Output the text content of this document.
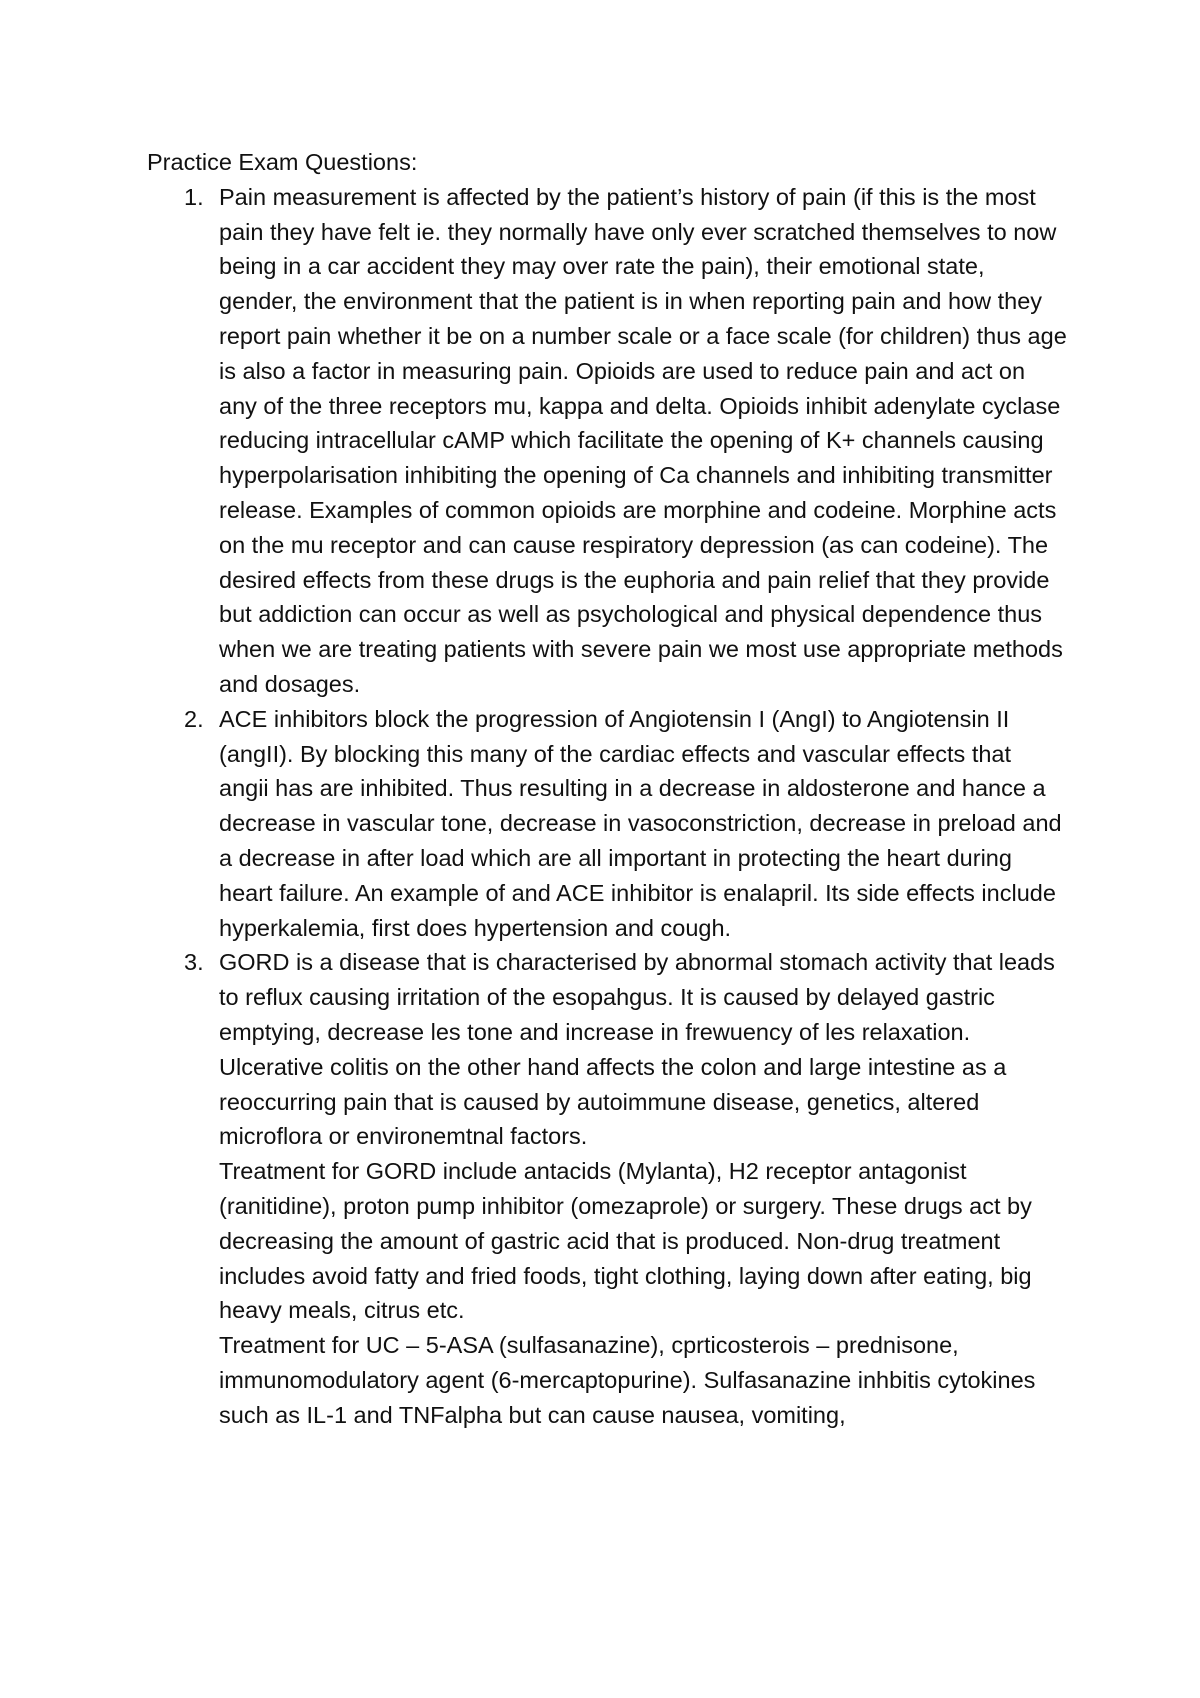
Practice Exam Questions:

1. Pain measurement is affected by the patient’s history of pain (if this is the most pain they have felt ie. they normally have only ever scratched themselves to now being in a car accident they may over rate the pain), their emotional state, gender, the environment that the patient is in when reporting pain and how they report pain whether it be on a number scale or a face scale (for children) thus age is also a factor in measuring pain. Opioids are used to reduce pain and act on any of the three receptors mu, kappa and delta. Opioids inhibit adenylate cyclase reducing intracellular cAMP which facilitate the opening of K+ channels causing hyperpolarisation inhibiting the opening of Ca channels and inhibiting transmitter release. Examples of common opioids are morphine and codeine. Morphine acts on the mu receptor and can cause respiratory depression (as can codeine). The desired effects from these drugs is the euphoria and pain relief that they provide but addiction can occur as well as psychological and physical dependence thus when we are treating patients with severe pain we most use appropriate methods and dosages.
2. ACE inhibitors block the progression of Angiotensin I (AngI) to Angiotensin II (angII). By blocking this many of the cardiac effects and vascular effects that angii has are inhibited. Thus resulting in a decrease in aldosterone and hance a decrease in vascular tone, decrease in vasoconstriction, decrease in preload and a decrease in after load which are all important in protecting the heart during heart failure. An example of and ACE inhibitor is enalapril. Its side effects include hyperkalemia, first does hypertension and cough.
3. GORD is a disease that is characterised by abnormal stomach activity that leads to reflux causing irritation of the esopahgus. It is caused by delayed gastric emptying, decrease les tone and increase in frewuency of les relaxation. Ulcerative colitis on the other hand affects the colon and large intestine as a reoccurring pain that is caused by autoimmune disease, genetics, altered microflora or environemtnal factors.
Treatment for GORD include antacids (Mylanta), H2 receptor antagonist (ranitidine), proton pump inhibitor (omezaprole) or surgery. These drugs act by decreasing the amount of gastric acid that is produced. Non-drug treatment includes avoid fatty and fried foods, tight clothing, laying down after eating, big heavy meals, citrus etc.
Treatment for UC – 5-ASA (sulfasanazine), cprticosterois – prednisone, immunomodulatory agent (6-mercaptopurine). Sulfasanazine inhbitis cytokines such as IL-1 and TNFalpha but can cause nausea, vomiting,
